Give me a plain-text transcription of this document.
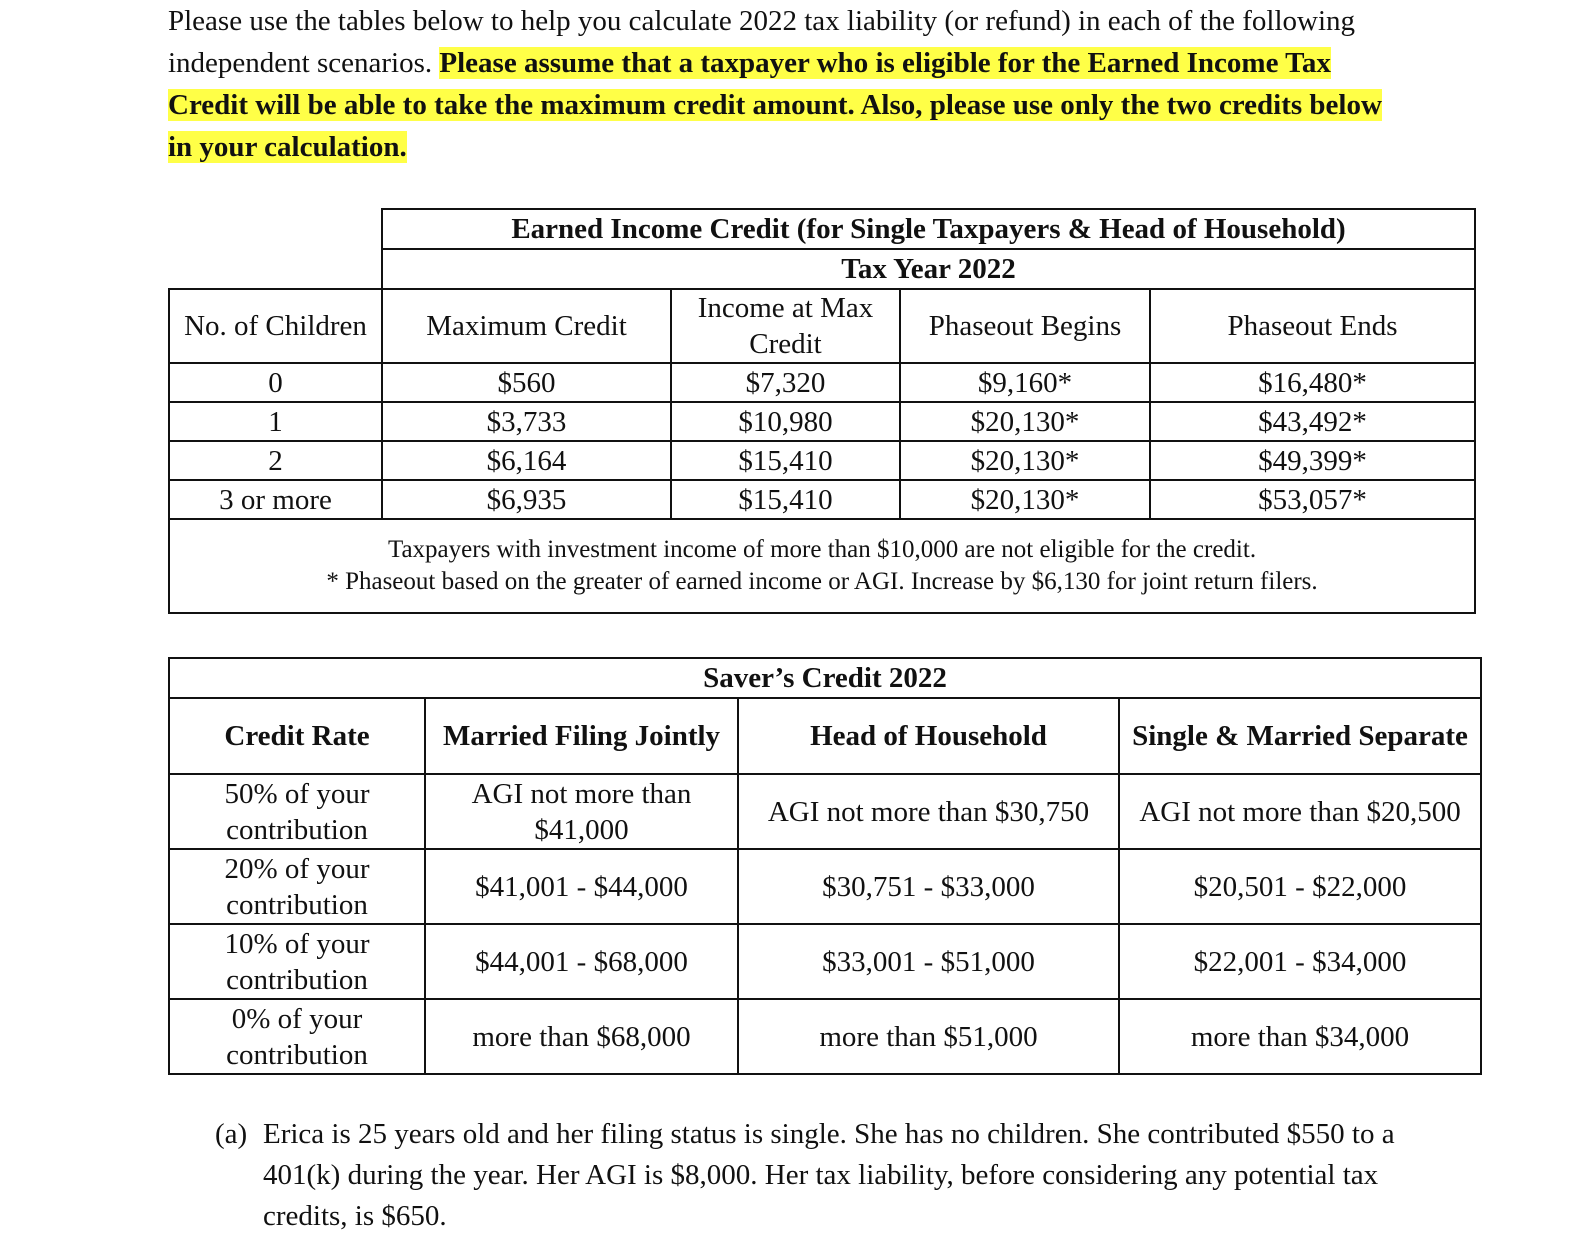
Please use the tables below to help you calculate 2022 tax liability (or refund) in each of the following independent scenarios. Please assume that a taxpayer who is eligible for the Earned Income Tax Credit will be able to take the maximum credit amount. Also, please use only the two credits below in your calculation.
	Earned Income Credit (for Single Taxpayers & Head of Household)			
	Tax Year 2022			
No. of Children	Maximum Credit	Income at Max Credit	Phaseout Begins	Phaseout Ends
0	$560	$7,320	$9,160*	$16,480*
1	$3,733	$10,980	$20,130*	$43,492*
2	$6,164	$15,410	$20,130*	$49,399*
3 or more	$6,935	$15,410	$20,130*	$53,057*

Taxpayers with investment income of more than $10,000 are not eligible for the credit.
* Phaseout based on the greater of earned income or AGI. Increase by $6,130 for joint return filers.				
Saver’s Credit 2022			
Credit Rate	Married Filing Jointly	Head of Household	Single & Married Separate
50% of your contribution	AGI not more than $41,000	AGI not more than $30,750	AGI not more than $20,500
20% of your contribution	$41,001 - $44,000	$30,751 - $33,000	$20,501 - $22,000
10% of your contribution	$44,001 - $68,000	$33,001 - $51,000	$22,001 - $34,000
0% of your contribution	more than $68,000	more than $51,000	more than $34,000
(a) Erica is 25 years old and her filing status is single. She has no children. She contributed $550 to a 401(k) during the year. Her AGI is $8,000. Her tax liability, before considering any potential tax credits, is $650.
